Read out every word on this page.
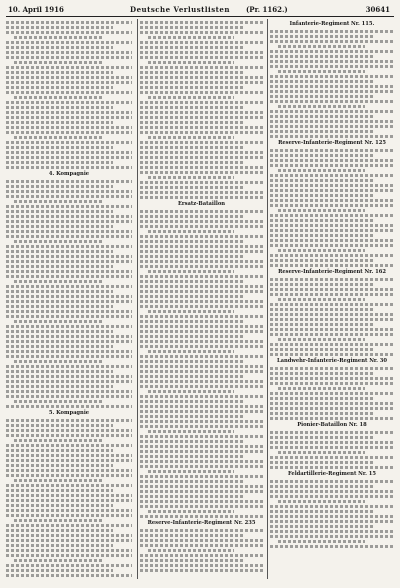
10. April 1916	Deutsche Verlustlisten (Pr. 1162.)	30641
4. Kompagnie
5. Kompagnie
Ersatz-Bataillon
Reserve-Infanterie-Regiment Nr. 235
Infanterie-Regiment Nr. 115.
Reserve-Infanterie-Regiment Nr. 125
Reserve-Infanterie-Regiment Nr. 162
Landwehr-Infanterie-Regiment Nr. 30
Pionier-Bataillon Nr. 18
Feldartillerie-Regiment Nr. 15
